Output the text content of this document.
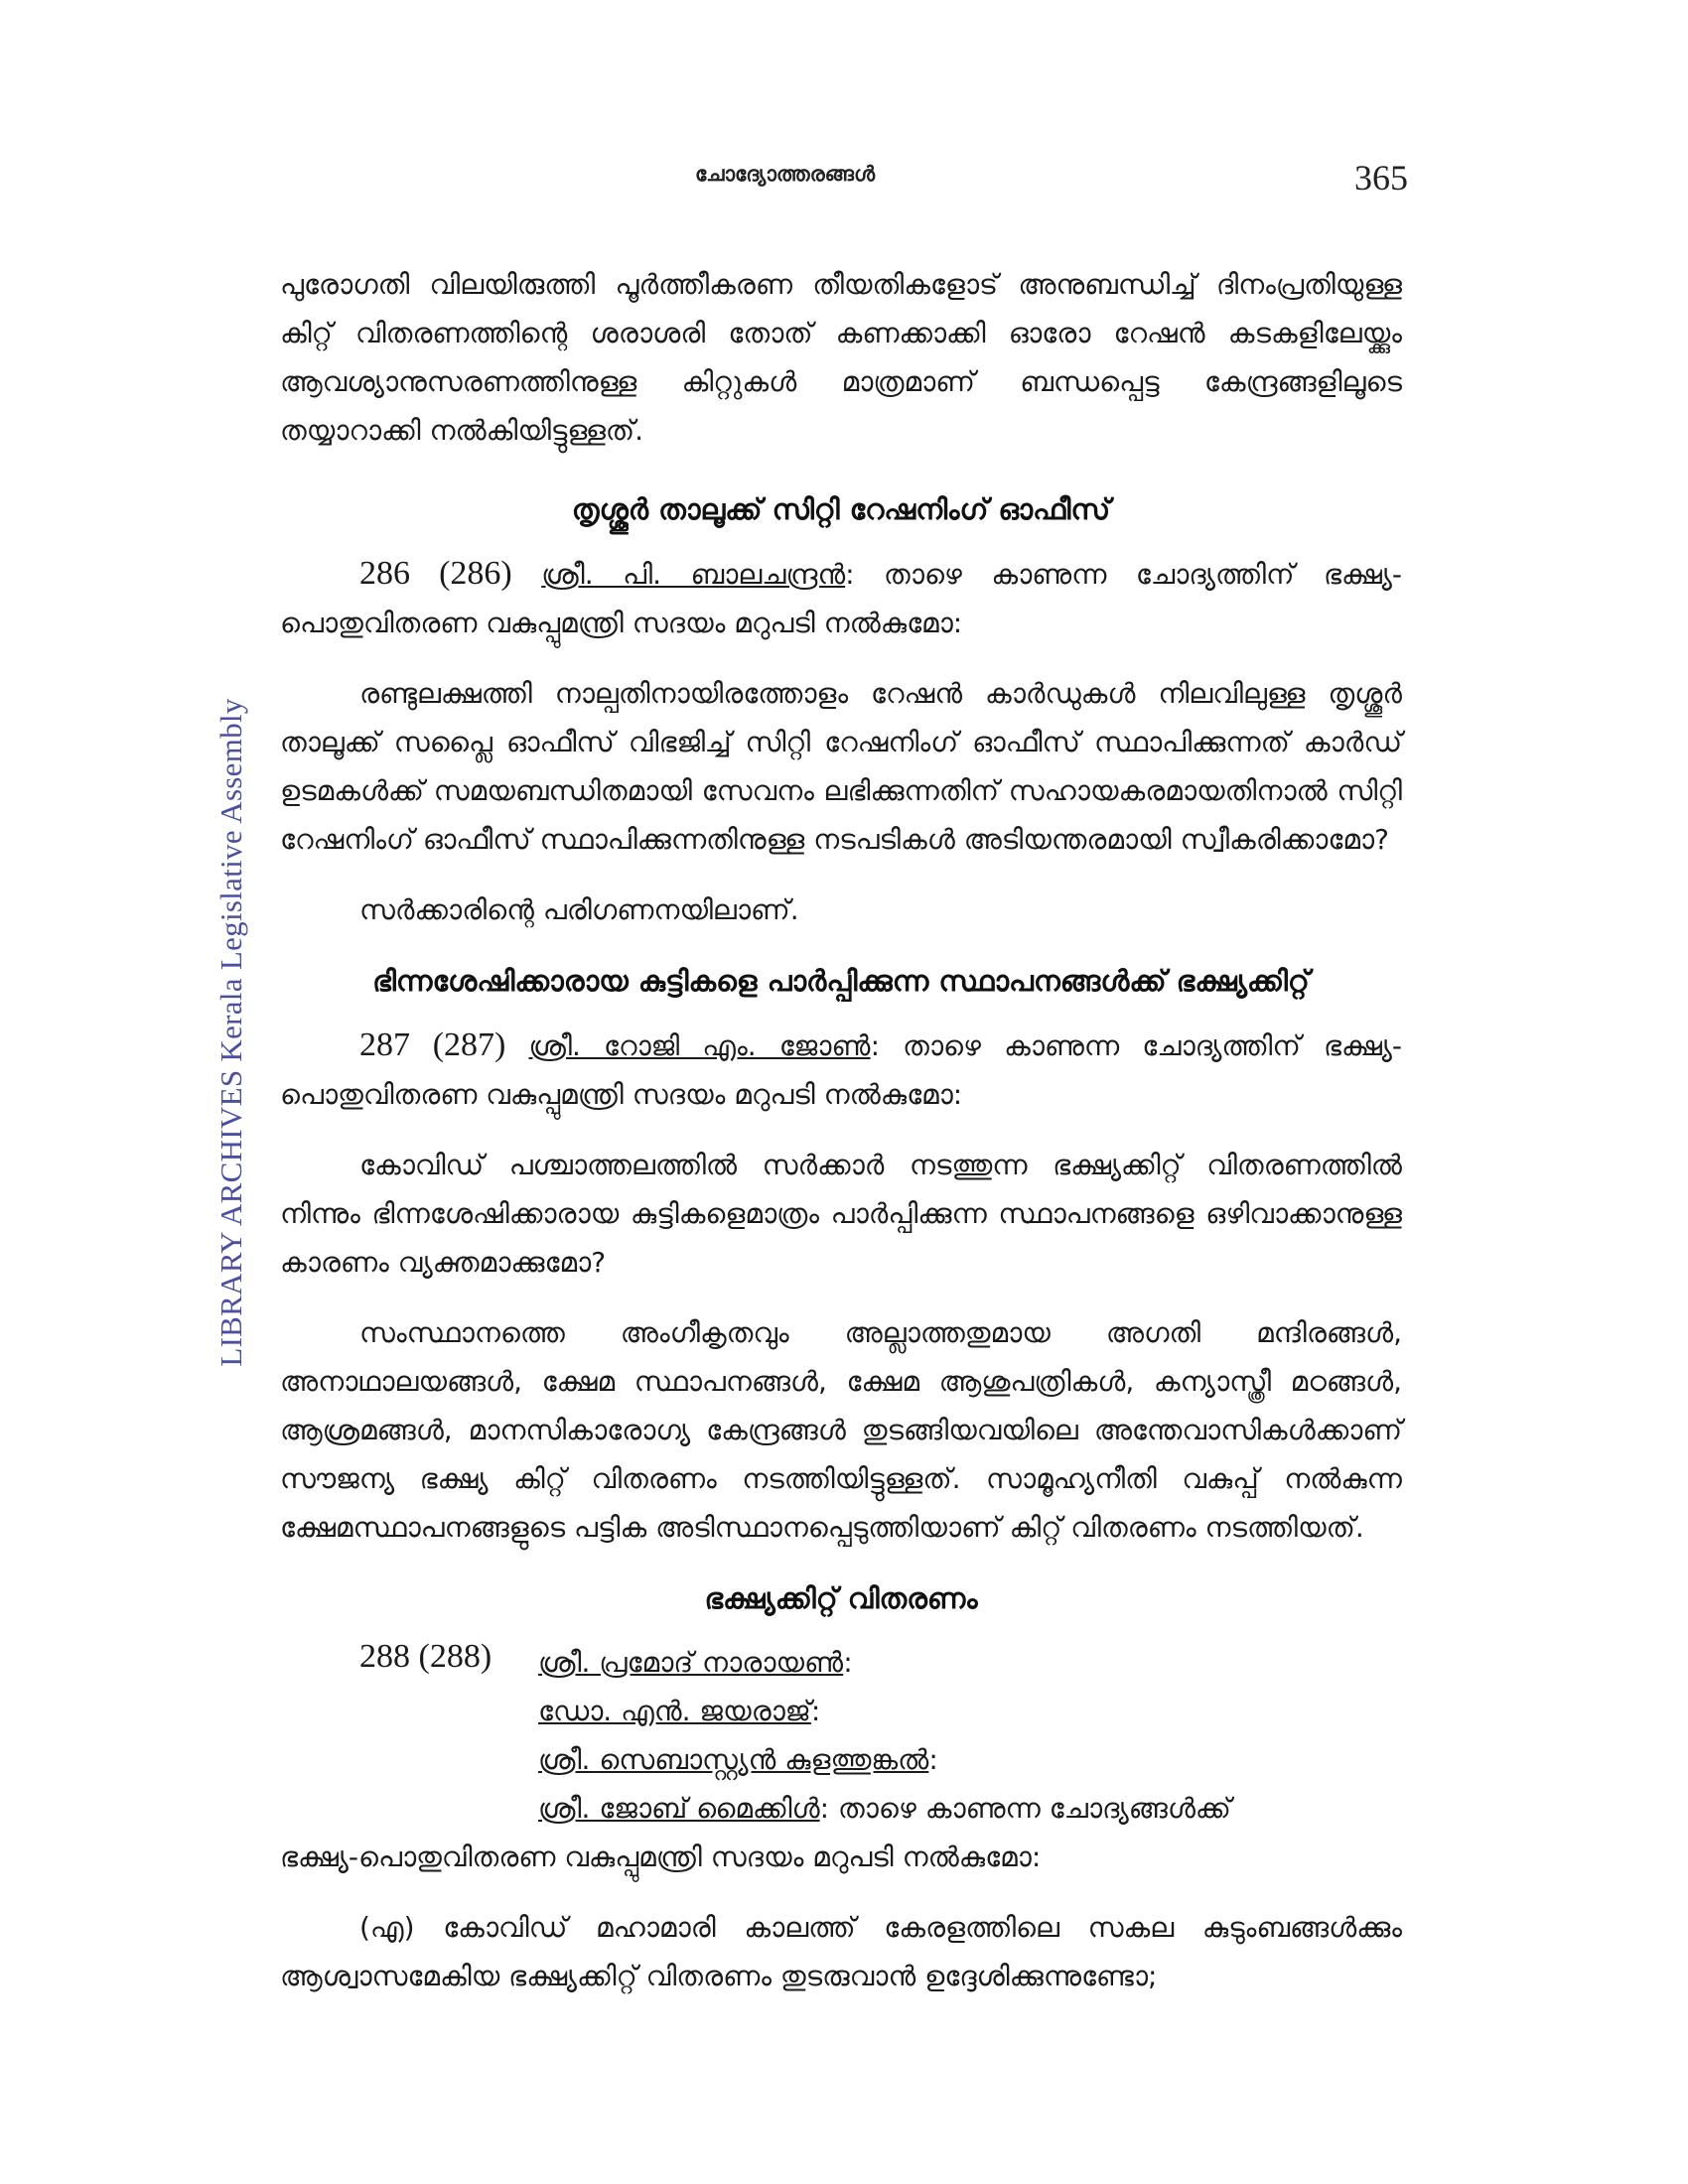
LIBRARY ARCHIVES Kerala Legislative Assembly
ചോദ്യോത്തരങ്ങൾ	365

പുരോഗതി വിലയിരുത്തി പൂർത്തീകരണ തീയതികളോട് അനുബന്ധിച്ച് ദിനംപ്രതിയുള്ള കിറ്റ് വിതരണത്തിന്റെ ശരാശരി തോത് കണക്കാക്കി ഓരോ റേഷൻ കടകളിലേയ്ക്കും ആവശ്യാനുസരണത്തിനുള്ള കിറ്റുകൾ മാത്രമാണ് ബന്ധപ്പെട്ട കേന്ദ്രങ്ങളിലൂടെ തയ്യാറാക്കി നൽകിയിട്ടുള്ളത്.

തൃശ്ശൂർ താലൂക്ക് സിറ്റി റേഷനിംഗ് ഓഫീസ്

286 (286) ശ്രീ. പി. ബാലചന്ദ്രൻ: താഴെ കാണുന്ന ചോദ്യത്തിന് ഭക്ഷ്യ-പൊതുവിതരണ വകുപ്പുമന്ത്രി സദയം മറുപടി നൽകുമോ:

രണ്ടുലക്ഷത്തി നാല്പതിനായിരത്തോളം റേഷൻ കാർഡുകൾ നിലവിലുള്ള തൃശ്ശൂർ താലൂക്ക് സപ്ലൈ ഓഫീസ് വിഭജിച്ച് സിറ്റി റേഷനിംഗ് ഓഫീസ് സ്ഥാപിക്കുന്നത് കാർഡ് ഉടമകൾക്ക് സമയബന്ധിതമായി സേവനം ലഭിക്കുന്നതിന് സഹായകരമായതിനാൽ സിറ്റി റേഷനിംഗ് ഓഫീസ് സ്ഥാപിക്കുന്നതിനുള്ള നടപടികൾ അടിയന്തരമായി സ്വീകരിക്കാമോ?

സർക്കാരിന്റെ പരിഗണനയിലാണ്.

ഭിന്നശേഷിക്കാരായ കുട്ടികളെ പാർപ്പിക്കുന്ന സ്ഥാപനങ്ങൾക്ക് ഭക്ഷ്യക്കിറ്റ്

287 (287) ശ്രീ. റോജി എം. ജോൺ: താഴെ കാണുന്ന ചോദ്യത്തിന് ഭക്ഷ്യ-പൊതുവിതരണ വകുപ്പുമന്ത്രി സദയം മറുപടി നൽകുമോ:

കോവിഡ് പശ്ചാത്തലത്തിൽ സർക്കാർ നടത്തുന്ന ഭക്ഷ്യക്കിറ്റ് വിതരണത്തിൽ നിന്നും ഭിന്നശേഷിക്കാരായ കുട്ടികളെമാത്രം പാർപ്പിക്കുന്ന സ്ഥാപനങ്ങളെ ഒഴിവാക്കാനുള്ള കാരണം വ്യക്തമാക്കുമോ?

സംസ്ഥാനത്തെ അംഗീകൃതവും അല്ലാത്തതുമായ അഗതി മന്ദിരങ്ങൾ, അനാഥാലയങ്ങൾ, ക്ഷേമ സ്ഥാപനങ്ങൾ, ക്ഷേമ ആശുപത്രികൾ, കന്യാസ്ത്രീ മഠങ്ങൾ, ആശ്രമങ്ങൾ, മാനസികാരോഗ്യ കേന്ദ്രങ്ങൾ തുടങ്ങിയവയിലെ അന്തേവാസികൾക്കാണ് സൗജന്യ ഭക്ഷ്യ കിറ്റ് വിതരണം നടത്തിയിട്ടുള്ളത്. സാമൂഹ്യനീതി വകുപ്പ് നൽകുന്ന ക്ഷേമസ്ഥാപനങ്ങളുടെ പട്ടിക അടിസ്ഥാനപ്പെടുത്തിയാണ് കിറ്റ് വിതരണം നടത്തിയത്.

ഭക്ഷ്യക്കിറ്റ് വിതരണം
288 (288) ശ്രീ. പ്രമോദ് നാരായൺ:
ഡോ. എൻ. ജയരാജ്:
ശ്രീ. സെബാസ്റ്റ്യൻ കുളത്തുങ്കൽ:
ശ്രീ. ജോബ് മൈക്കിൾ: താഴെ കാണുന്ന ചോദ്യങ്ങൾക്ക്

ഭക്ഷ്യ-പൊതുവിതരണ വകുപ്പുമന്ത്രി സദയം മറുപടി നൽകുമോ:

(എ) കോവിഡ് മഹാമാരി കാലത്ത് കേരളത്തിലെ സകല കുടുംബങ്ങൾക്കും ആശ്വാസമേകിയ ഭക്ഷ്യക്കിറ്റ് വിതരണം തുടരുവാൻ ഉദ്ദേശിക്കുന്നുണ്ടോ;
